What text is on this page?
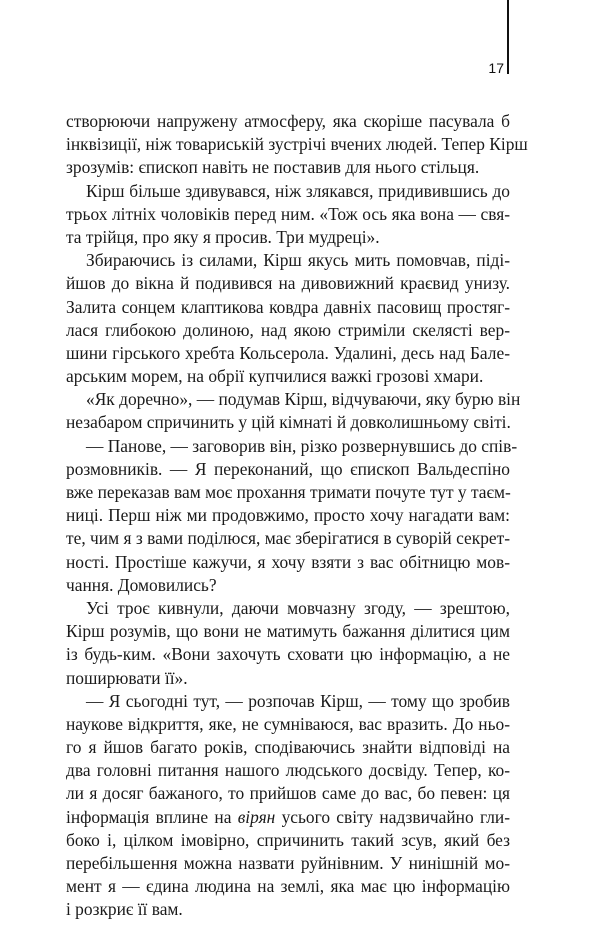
17
створюючи напружену атмосферу, яка скоріше пасувала б
інквізиції, ніж товариській зустрічі вчених людей. Тепер Кірш
зрозумів: єпископ навіть не поставив для нього стільця.
Кірш більше здивувався, ніж злякався, придивившись до
трьох літніх чоловіків перед ним. «Тож ось яка вона — свя-
та трійця, про яку я просив. Три мудреці».
Збираючись із силами, Кірш якусь мить помовчав, піді-
йшов до вікна й подивився на дивовижний краєвид унизу.
Залита сонцем клаптикова ковдра давніх пасовищ простяг-
лася глибокою долиною, над якою стриміли скелясті вер-
шини гірського хребта Кольсерола. Удалині, десь над Бале-
арським морем, на обрії купчилися важкі грозові хмари.
«Як доречно», — подумав Кірш, відчуваючи, яку бурю він
незабаром спричинить у цій кімнаті й довколишньому світі.
— Панове, — заговорив він, різко розвернувшись до спів-
розмовників. — Я переконаний, що єпископ Вальдеспіно
вже переказав вам моє прохання тримати почуте тут у таєм-
ниці. Перш ніж ми продовжимо, просто хочу нагадати вам:
те, чим я з вами поділюся, має зберігатися в суворій секрет-
ності. Простіше кажучи, я хочу взяти з вас обітницю мов-
чання. Домовились?
Усі троє кивнули, даючи мовчазну згоду, — зрештою,
Кірш розумів, що вони не матимуть бажання ділитися цим
із будь-ким. «Вони захочуть сховати цю інформацію, а не
поширювати її».
— Я сьогодні тут, — розпочав Кірш, — тому що зробив
наукове відкриття, яке, не сумніваюся, вас вразить. До ньо-
го я йшов багато років, сподіваючись знайти відповіді на
два головні питання нашого людського досвіду. Тепер, ко-
ли я досяг бажаного, то прийшов саме до вас, бо певен: ця
інформація вплине на вірян усього світу надзвичайно гли-
боко і, цілком імовірно, спричинить такий зсув, який без
перебільшення можна назвати руйнівним. У нинішній мо-
мент я — єдина людина на землі, яка має цю інформацію
і розкриє її вам.
